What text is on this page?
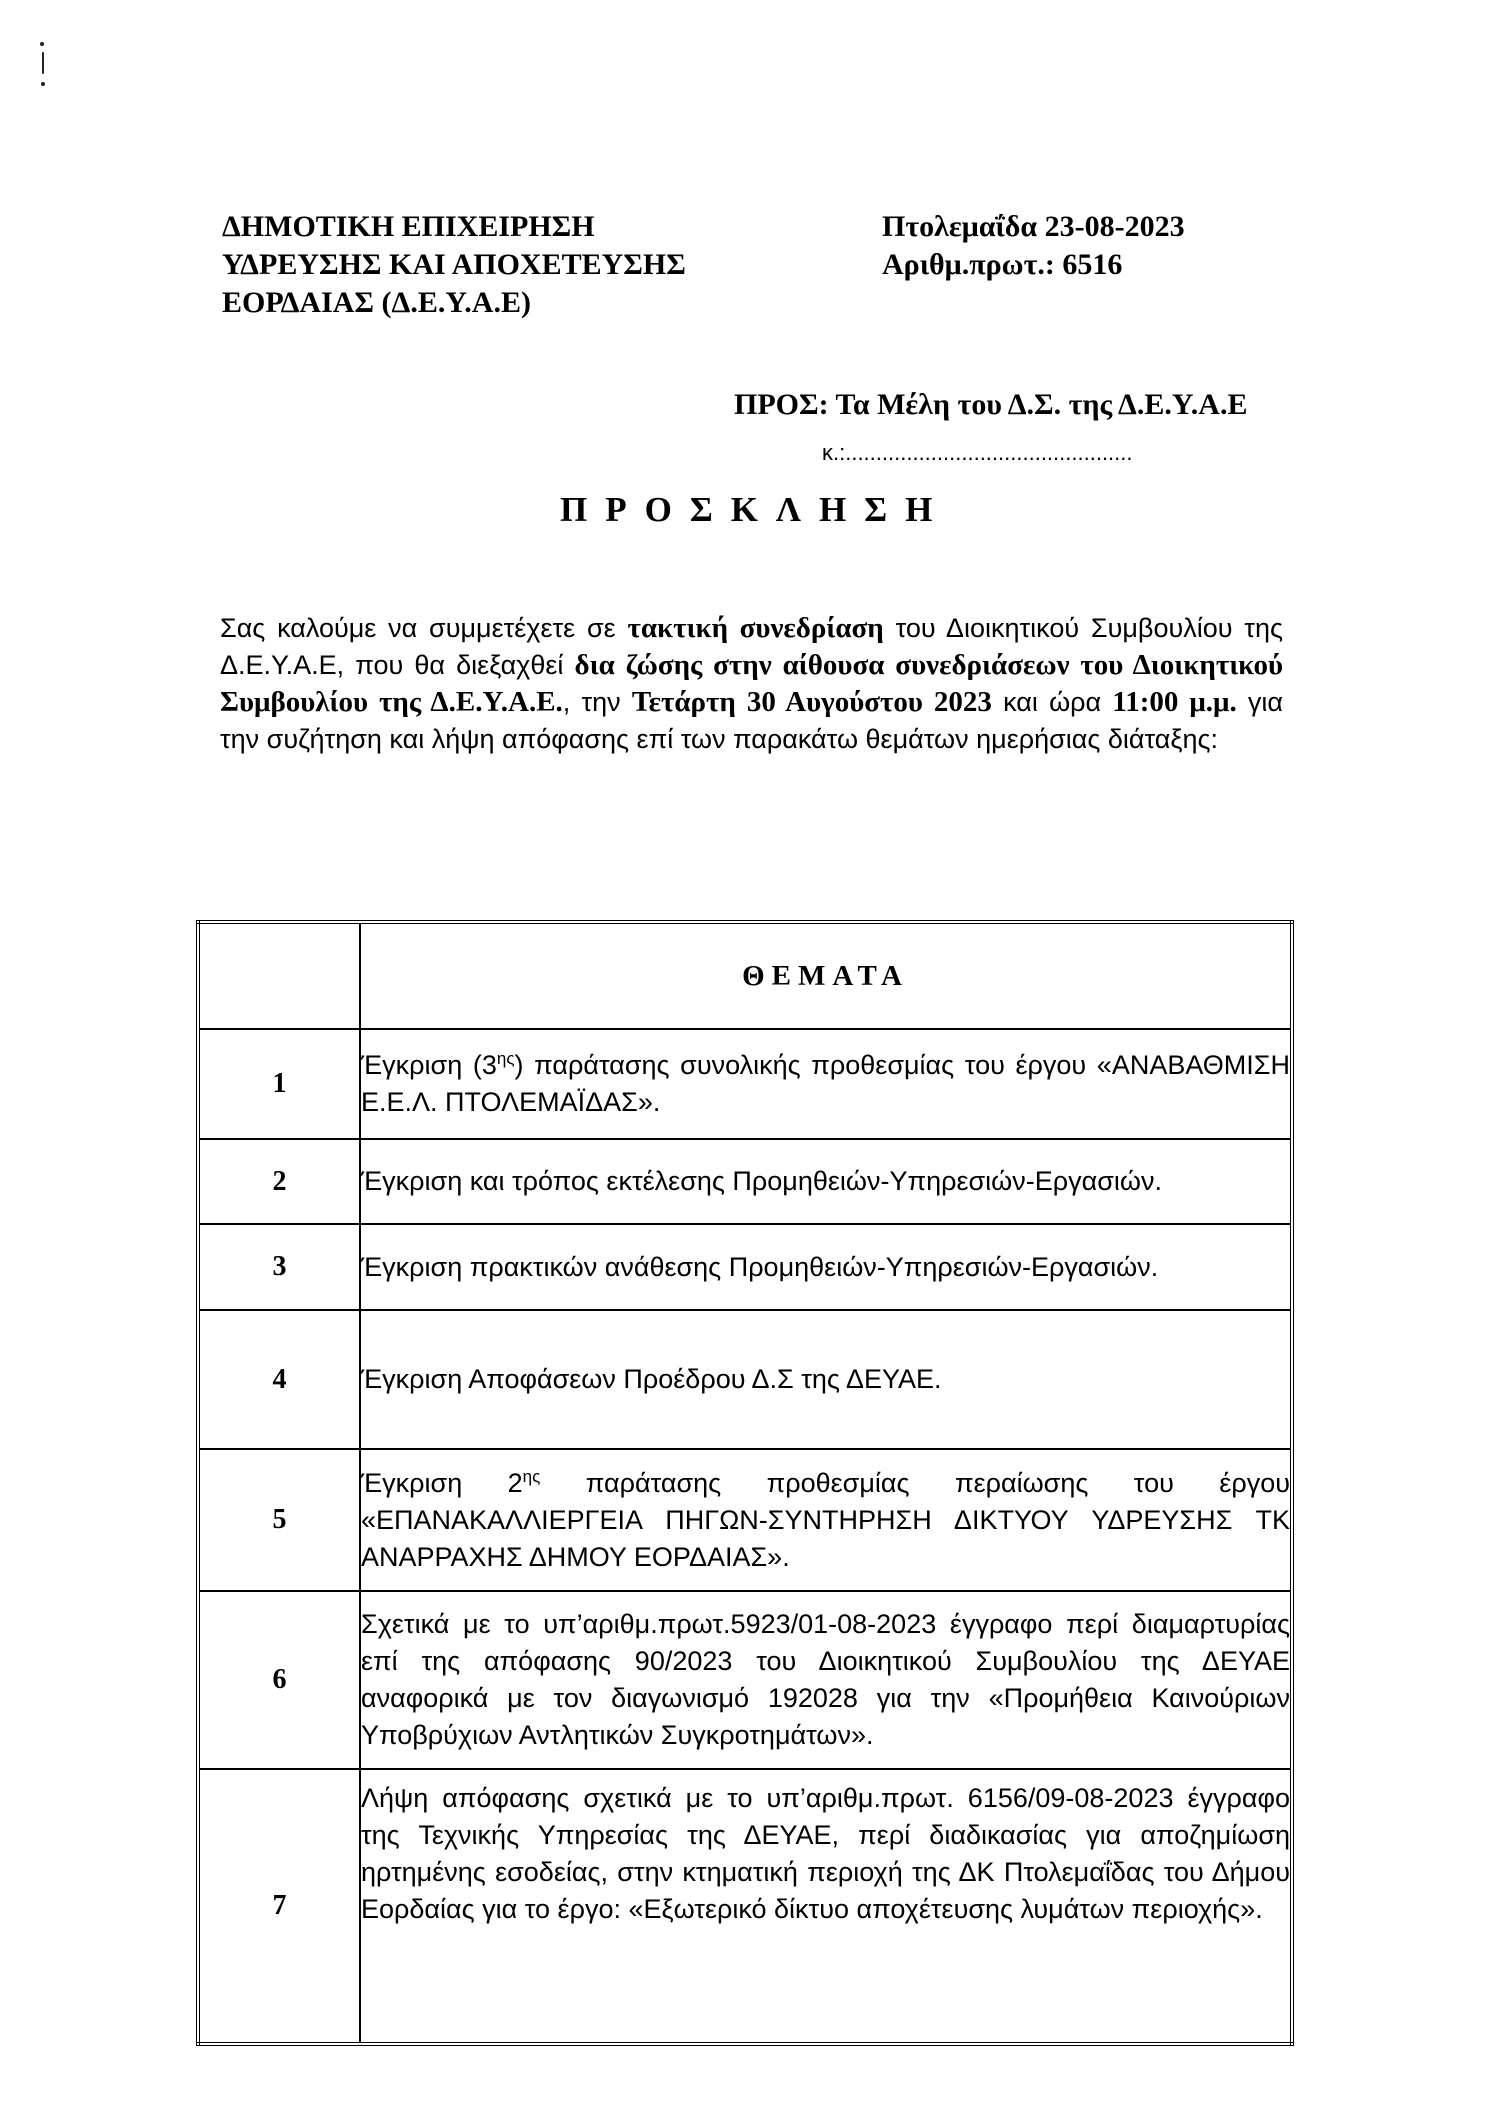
ΔΗΜΟΤΙΚΗ ΕΠΙΧΕΙΡΗΣΗ
ΥΔΡΕΥΣΗΣ ΚΑΙ ΑΠΟΧΕΤΕΥΣΗΣ
ΕΟΡΔΑΙΑΣ (Δ.Ε.Υ.Α.Ε)
Πτολεμαΐδα 23-08-2023
Αριθμ.πρωτ.: 6516
ΠΡΟΣ: Τα Μέλη του Δ.Σ. της Δ.Ε.Υ.Α.Ε
κ.:...............................................
ΠΡΟΣΚΛΗΣΗ
Σας καλούμε να συμμετέχετε σε τακτική συνεδρίαση του Διοικητικού Συμβουλίου της Δ.Ε.Υ.Α.Ε, που θα διεξαχθεί δια ζώσης στην αίθουσα συνεδριάσεων του Διοικητικού Συμβουλίου της Δ.Ε.Υ.Α.Ε., την Τετάρτη 30 Αυγούστου 2023 και ώρα 11:00 μ.μ. για την συζήτηση και λήψη απόφασης επί των παρακάτω θεμάτων ημερήσιας διάταξης:
	ΘΕΜΑΤΑ
1	Έγκριση $(3^{\eta\varsigma})$ παράτασης συνολικής προθεσμίας του έργου «ΑΝΑΒΑΘΜΙΣΗ Ε.Ε.Λ. ΠΤΟΛΕΜΑΪΔΑΣ».
2	Έγκριση και τρόπος εκτέλεσης Προμηθειών-Υπηρεσιών-Εργασιών.
3	Έγκριση πρακτικών ανάθεσης Προμηθειών-Υπηρεσιών-Εργασιών.
4	Έγκριση Αποφάσεων Προέδρου Δ.Σ της ΔΕΥΑΕ.
5	Έγκριση $2^{\eta\varsigma}$ παράτασης προθεσμίας περαίωσης του έργου «ΕΠΑΝΑΚΑΛΛΙΕΡΓΕΙΑ ΠΗΓΩΝ-ΣΥΝΤΗΡΗΣΗ ΔΙΚΤΥΟΥ ΥΔΡΕΥΣΗΣ ΤΚ ΑΝΑΡΡΑΧΗΣ ΔΗΜΟΥ ΕΟΡΔΑΙΑΣ».
6	Σχετικά με το υπ’αριθμ.πρωτ.5923/01-08-2023 έγγραφο περί διαμαρτυρίας επί της απόφασης 90/2023 του Διοικητικού Συμβουλίου της ΔΕΥΑΕ αναφορικά με τον διαγωνισμό 192028 για την «Προμήθεια Καινούριων Υποβρύχιων Αντλητικών Συγκροτημάτων».
7	Λήψη απόφασης σχετικά με το υπ’αριθμ.πρωτ. 6156/09-08-2023 έγγραφο της Τεχνικής Υπηρεσίας της ΔΕΥΑΕ, περί διαδικασίας για αποζημίωση ηρτημένης εσοδείας, στην κτηματική περιοχή της ΔΚ Πτολεμαΐδας του Δήμου Εορδαίας για το έργο: «Εξωτερικό δίκτυο αποχέτευσης λυμάτων περιοχής».
